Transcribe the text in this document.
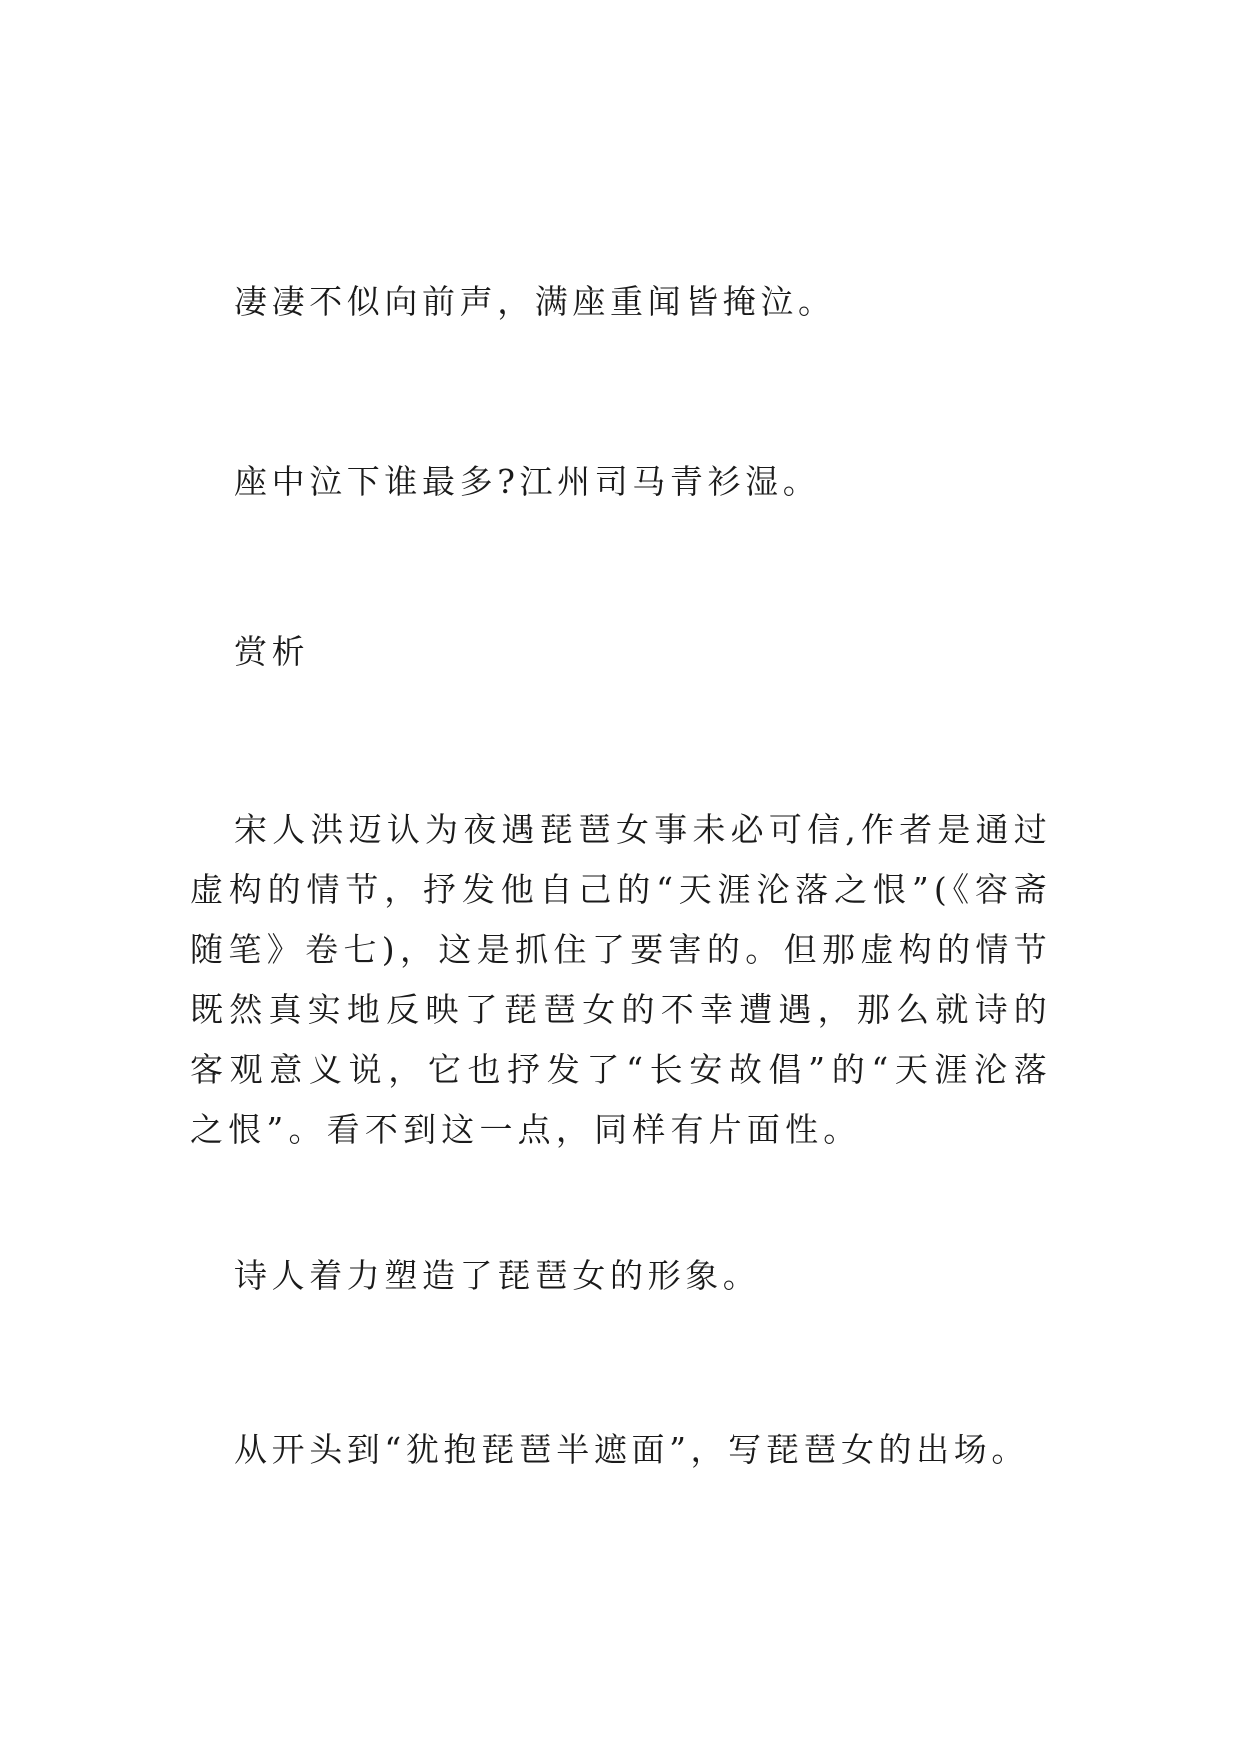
凄凄不似向前声，满座重闻皆掩泣。

座中泣下谁最多?江州司马青衫湿。

赏析

宋人洪迈认为夜遇琵琶女事未必可信,作者是通过虚构的情节，抒发他自己的“天涯沦落之恨”(《容斋随笔》卷七)，这是抓住了要害的。但那虚构的情节既然真实地反映了琵琶女的不幸遭遇，那么就诗的客观意义说，它也抒发了“长安故倡”的“天涯沦落之恨”。看不到这一点，同样有片面性。

诗人着力塑造了琵琶女的形象。

从开头到“犹抱琵琶半遮面”，写琵琶女的出场。
